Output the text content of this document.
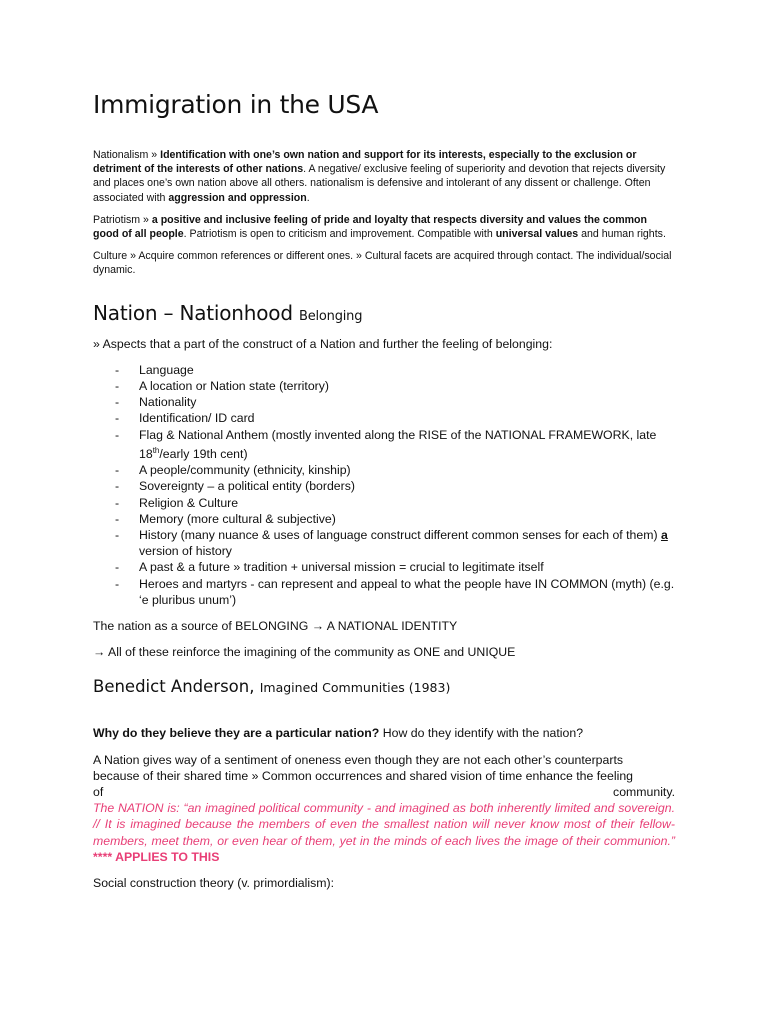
Immigration in the USA

Nationalism » Identification with one’s own nation and support for its interests, especially to the exclusion or detriment of the interests of other nations. A negative/ exclusive feeling of superiority and devotion that rejects diversity and places one’s own nation above all others. nationalism is defensive and intolerant of any dissent or challenge. Often associated with aggression and oppression.

Patriotism » a positive and inclusive feeling of pride and loyalty that respects diversity and values the common good of all people. Patriotism is open to criticism and improvement. Compatible with universal values and human rights.

Culture » Acquire common references or different ones. » Cultural facets are acquired through contact. The individual/social dynamic.

Nation – Nationhood Belonging

» Aspects that a part of the construct of a Nation and further the feeling of belonging:

- Language
- A location or Nation state (territory)
- Nationality
- Identification/ ID card
- Flag & National Anthem (mostly invented along the RISE of the NATIONAL FRAMEWORK, late 18th/early 19th cent)
- A people/community (ethnicity, kinship)
- Sovereignty – a political entity (borders)
- Religion & Culture
- Memory (more cultural & subjective)
- History (many nuance & uses of language construct different common senses for each of them) a version of history
- A past & a future » tradition + universal mission = crucial to legitimate itself
- Heroes and martyrs - can represent and appeal to what the people have IN COMMON (myth) (e.g. ‘e pluribus unum’)

The nation as a source of BELONGING → A NATIONAL IDENTITY

→ All of these reinforce the imagining of the community as ONE and UNIQUE

Benedict Anderson, Imagined Communities (1983)

Why do they believe they are a particular nation? How do they identify with the nation?

A Nation gives way of a sentiment of oneness even though they are not each other’s counterparts
because of their shared time » Common occurrences and shared vision of time enhance the feeling
of	community.
The NATION is: “an imagined political community - and imagined as both inherently limited and sovereign. // It is imagined because the members of even the smallest nation will never know most of their fellow-members, meet them, or even hear of them, yet in the minds of each lives the image of their communion.” **** APPLIES TO THIS

Social construction theory (v. primordialism):
